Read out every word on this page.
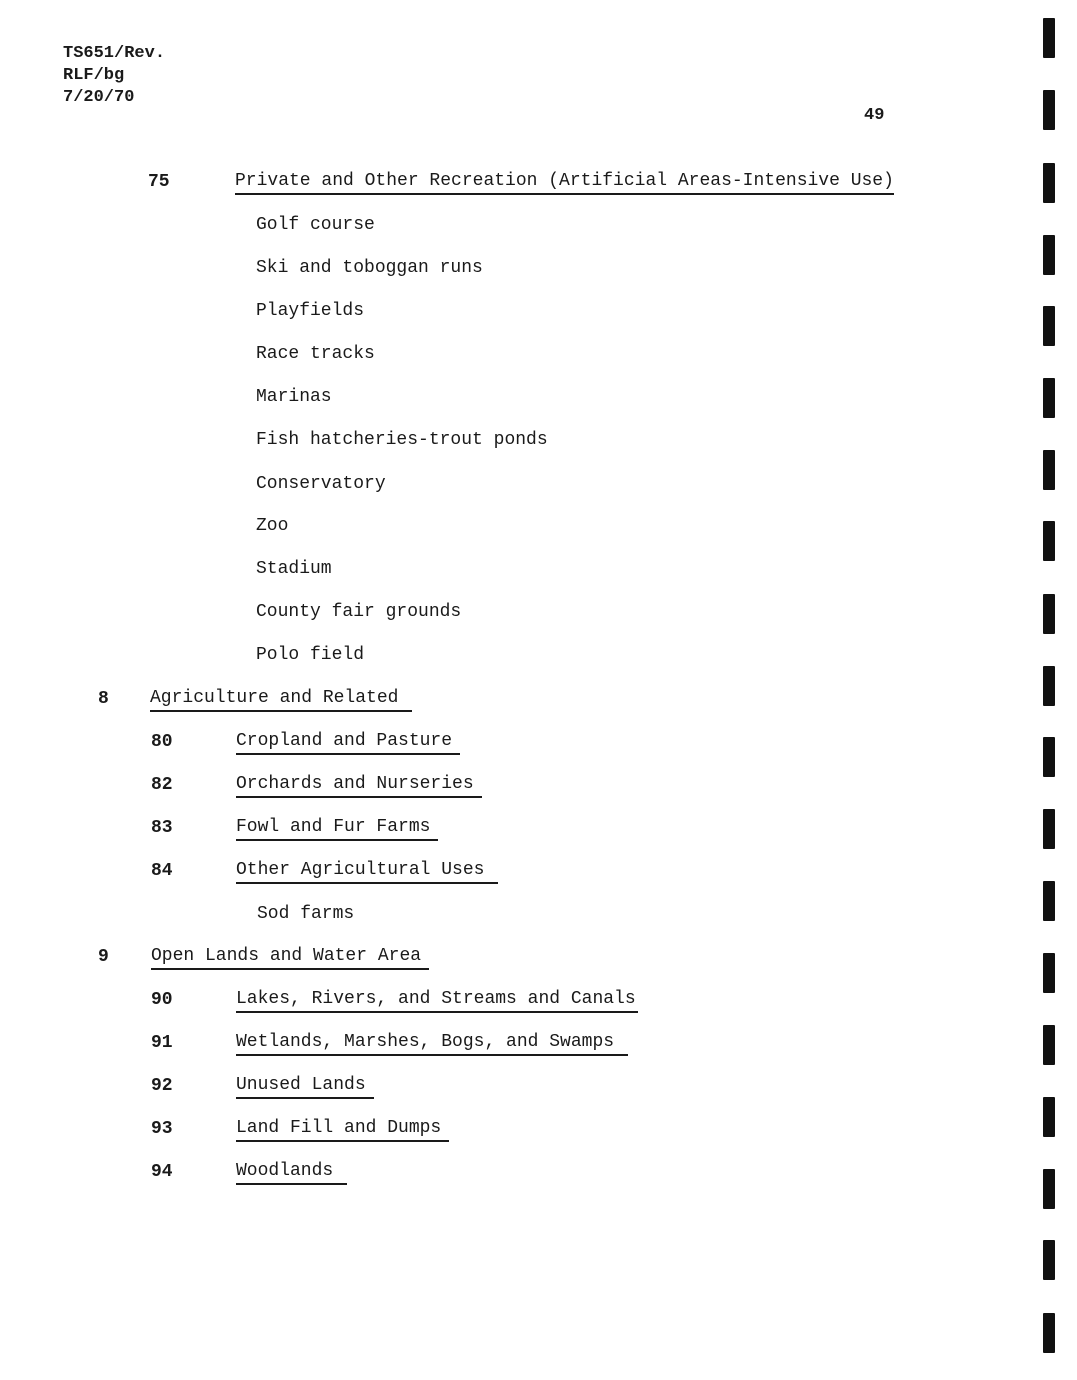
TS651/Rev.
RLF/bg
7/20/70
49
75	Private and Other Recreation (Artificial Areas-Intensive Use)
Golf course
Ski and toboggan runs
Playfields
Race tracks
Marinas
Fish hatcheries-trout ponds
Conservatory
Zoo
Stadium
County fair grounds
Polo field
8 Agriculture and Related
80	Cropland and Pasture
82	Orchards and Nurseries
83	Fowl and Fur Farms
84	Other Agricultural Uses
Sod farms
9 Open Lands and Water Area
90	Lakes, Rivers, and Streams and Canals
91	Wetlands, Marshes, Bogs, and Swamps
92	Unused Lands
93	Land Fill and Dumps
94	Woodlands
